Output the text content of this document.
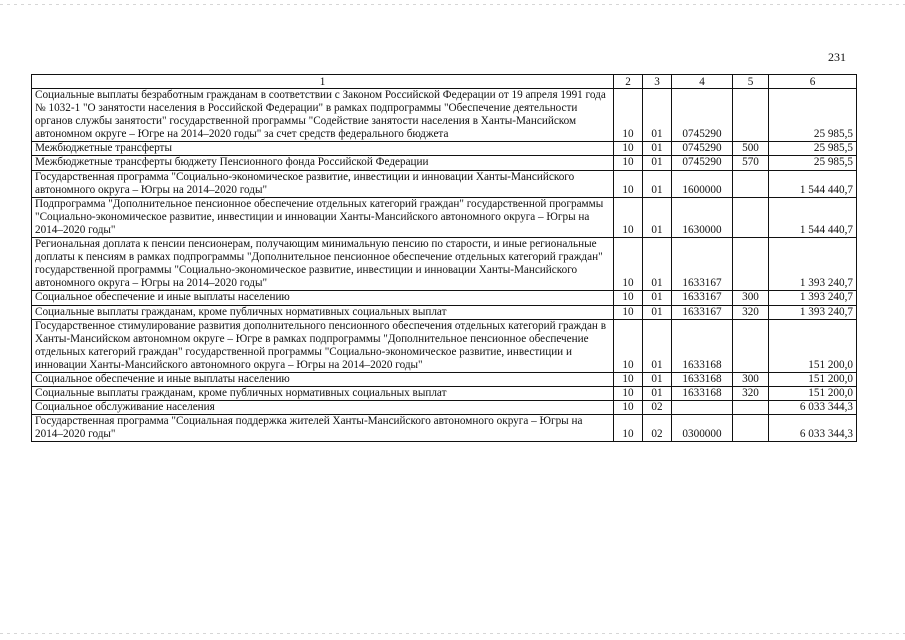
231
1	2	3	4	5	6
Социальные выплаты безработным гражданам в соответствии с Законом Российской Федерации от 19 апреля 1991 года № 1032-1 "О занятости населения в Российской Федерации" в рамках подпрограммы "Обеспечение деятельности органов службы занятости" государственной программы "Содействие занятости населения в Ханты-Мансийском автономном округе – Югре на 2014–2020 годы" за счет средств федерального бюджета	10	01	0745290		25 985,5
Межбюджетные трансферты	10	01	0745290	500	25 985,5
Межбюджетные трансферты бюджету Пенсионного фонда Российской Федерации	10	01	0745290	570	25 985,5
Государственная программа "Социально-экономическое развитие, инвестиции и инновации Ханты-Мансийского автономного округа – Югры на 2014–2020 годы"	10	01	1600000		1 544 440,7
Подпрограмма "Дополнительное пенсионное обеспечение отдельных категорий граждан" государственной программы "Социально-экономическое развитие, инвестиции и инновации Ханты-Мансийского автономного округа – Югры на 2014–2020 годы"	10	01	1630000		1 544 440,7
Региональная доплата к пенсии пенсионерам, получающим минимальную пенсию по старости, и иные региональные доплаты к пенсиям в рамках подпрограммы "Дополнительное пенсионное обеспечение отдельных категорий граждан" государственной программы "Социально-экономическое развитие, инвестиции и инновации Ханты-Мансийского автономного округа – Югры на 2014–2020 годы"	10	01	1633167		1 393 240,7
Социальное обеспечение и иные выплаты населению	10	01	1633167	300	1 393 240,7
Социальные выплаты гражданам, кроме публичных нормативных социальных выплат	10	01	1633167	320	1 393 240,7
Государственное стимулирование развития дополнительного пенсионного обеспечения отдельных категорий граждан в Ханты-Мансийском автономном округе – Югре в рамках подпрограммы "Дополнительное пенсионное обеспечение отдельных категорий граждан" государственной программы "Социально-экономическое развитие, инвестиции и инновации Ханты-Мансийского автономного округа – Югры на 2014–2020 годы"	10	01	1633168		151 200,0
Социальное обеспечение и иные выплаты населению	10	01	1633168	300	151 200,0
Социальные выплаты гражданам, кроме публичных нормативных социальных выплат	10	01	1633168	320	151 200,0
Социальное обслуживание населения	10	02			6 033 344,3
Государственная программа "Социальная поддержка жителей Ханты-Мансийского автономного округа – Югры на 2014–2020 годы"	10	02	0300000		6 033 344,3
